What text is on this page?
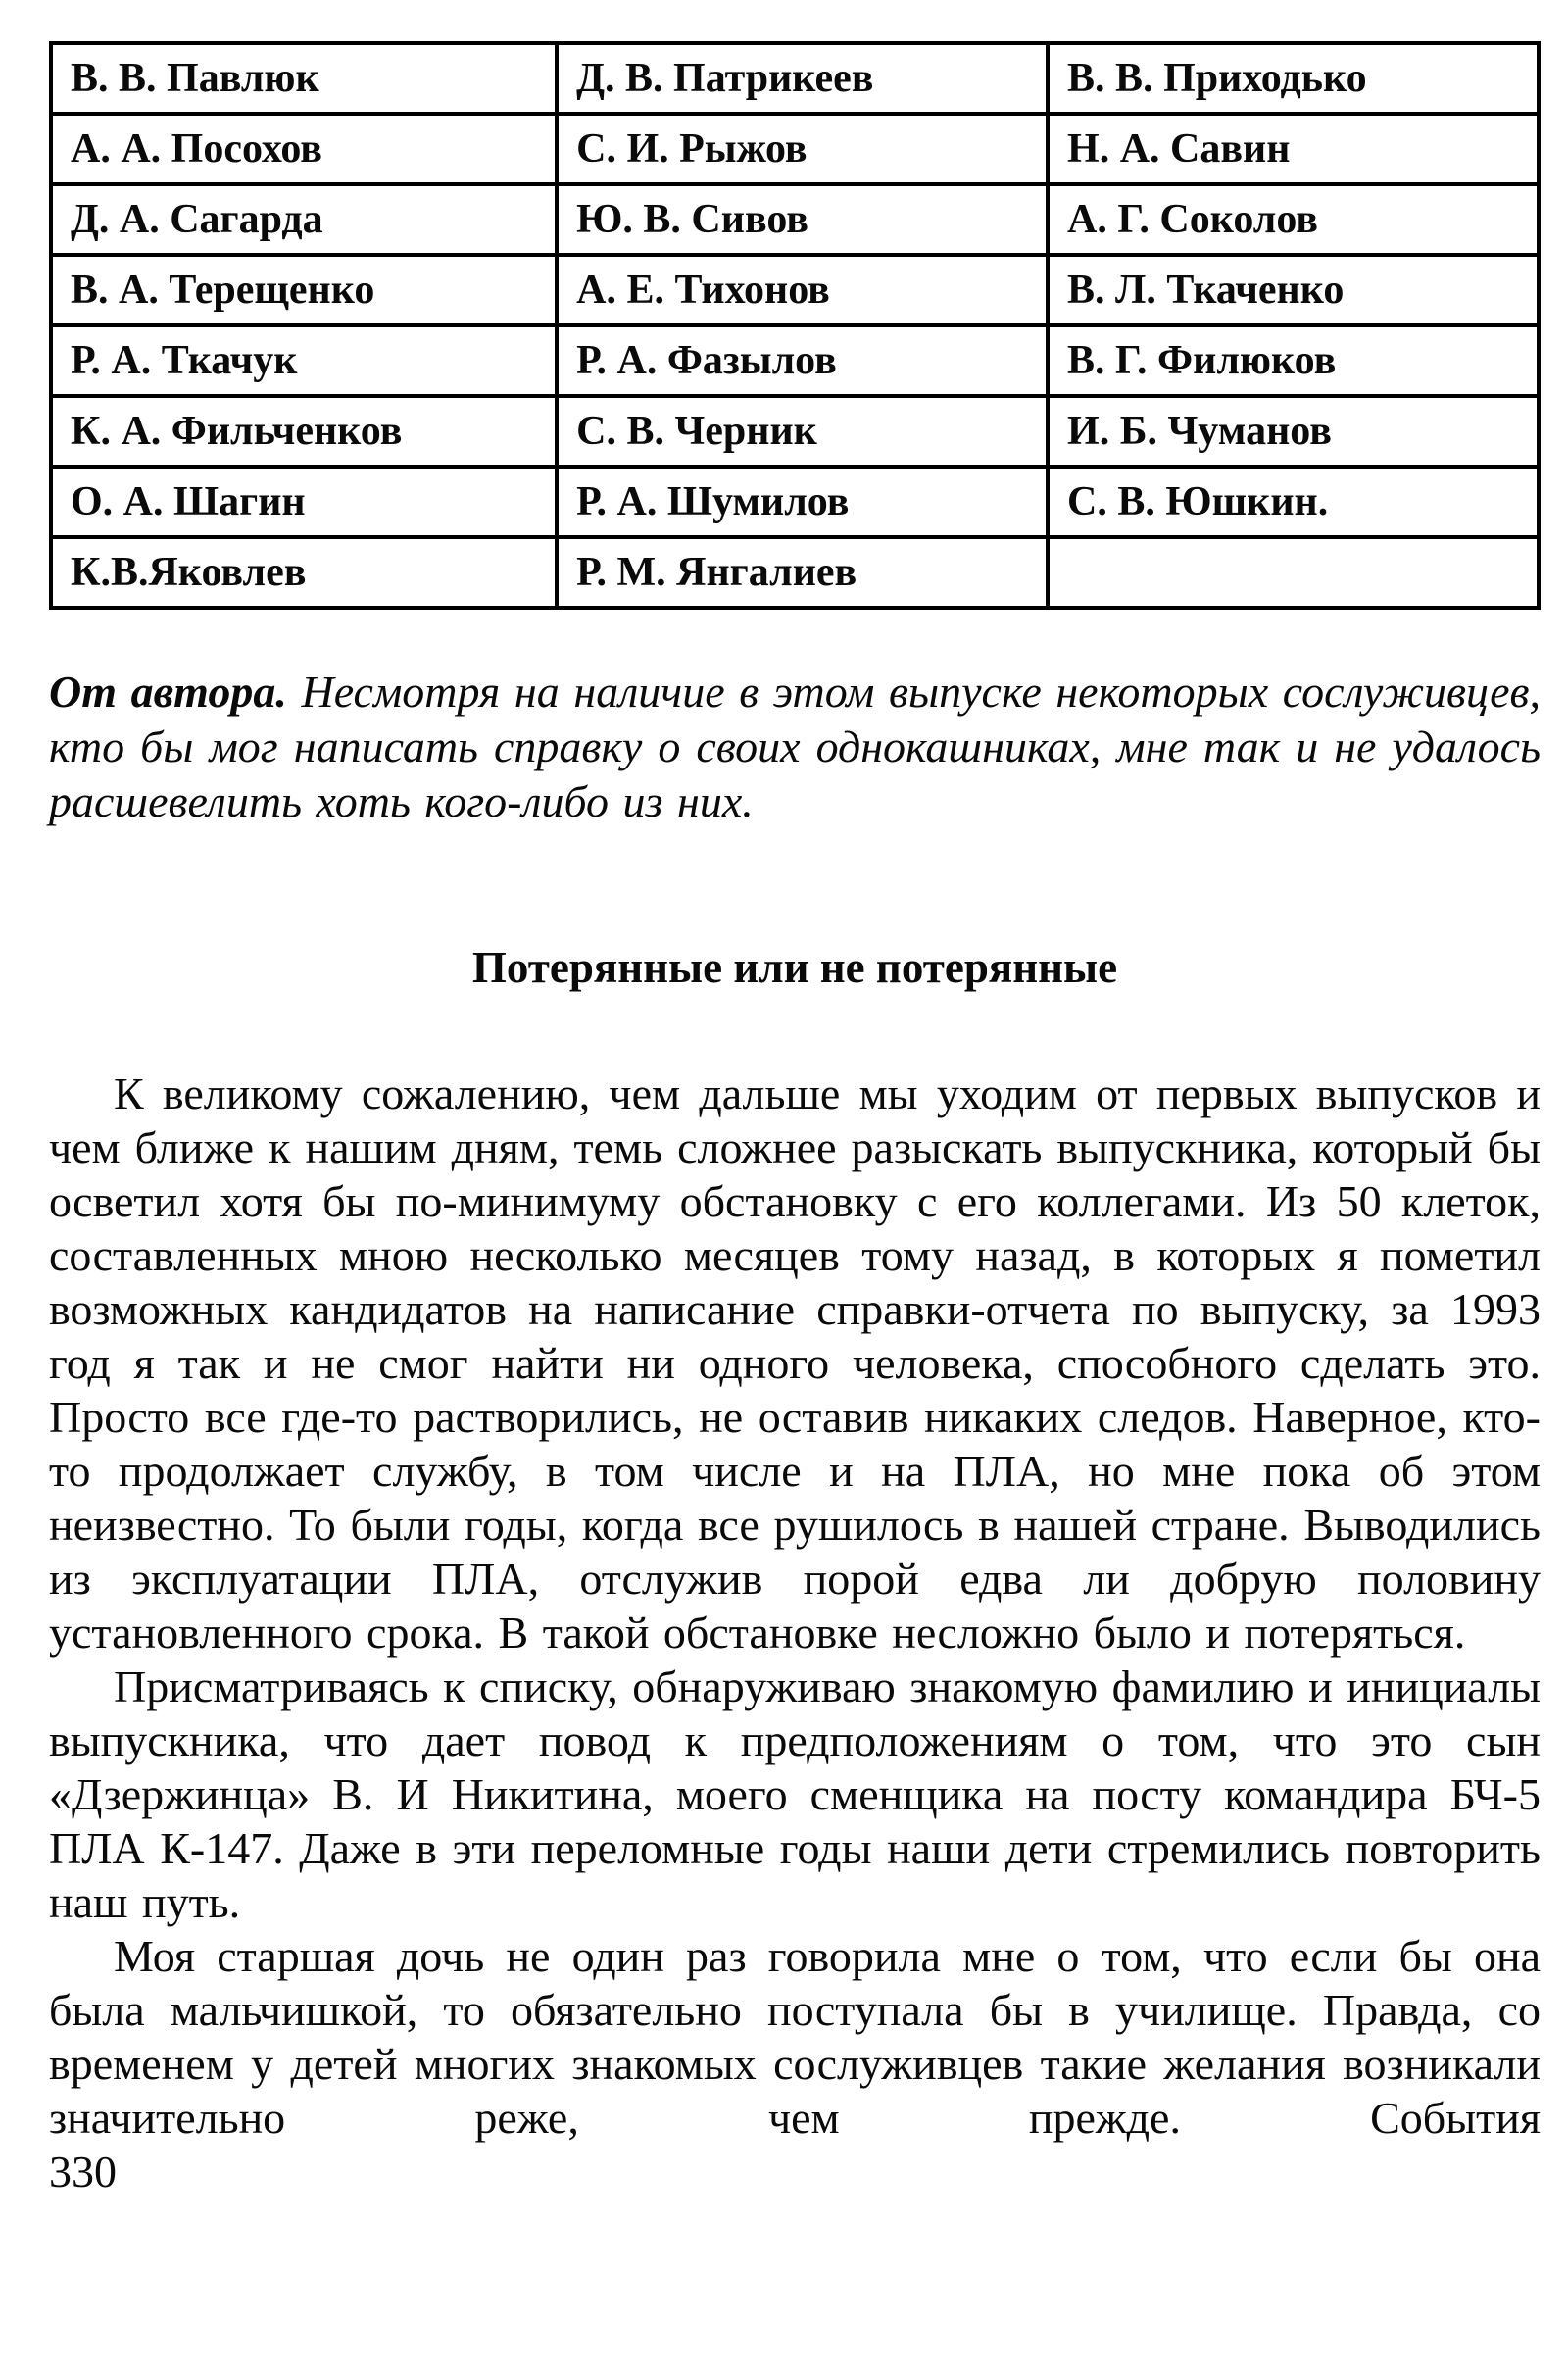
В. В. Павлюк	Д. В. Патрикеев	В. В. Приходько
А. А. Посохов	С. И. Рыжов	Н. А. Савин
Д. А. Сагарда	Ю. В. Сивов	А. Г. Соколов
В. А. Терещенко	А. Е. Тихонов	В. Л. Ткаченко
Р. А. Ткачук	Р. А. Фазылов	В. Г. Филюков
К. А. Фильченков	С. В. Черник	И. Б. Чуманов
О. А. Шагин	Р. А. Шумилов	С. В. Юшкин.
К.В.Яковлев	Р. М. Янгалиев	

От автора. Несмотря на наличие в этом выпуске некоторых сослуживцев, кто бы мог написать справку о своих однокашниках, мне так и не удалось расшевелить хоть кого-либо из них.

Потерянные или не потерянные

К великому сожалению, чем дальше мы уходим от первых выпусков и чем ближе к нашим дням, темь сложнее разыскать выпускника, который бы осветил хотя бы по-минимуму обстановку с его коллегами. Из 50 клеток, составленных мною несколько месяцев тому назад, в которых я пометил возможных кандидатов на написание справки-отчета по выпуску, за 1993 год я так и не смог найти ни одного человека, способного сделать это. Просто все где-то растворились, не оставив никаких следов. Наверное, кто-то продолжает службу, в том числе и на ПЛА, но мне пока об этом неизвестно. То были годы, когда все рушилось в нашей стране. Выводились из эксплуатации ПЛА, отслужив порой едва ли добрую половину установленного срока. В такой обстановке несложно было и потеряться.

Присматриваясь к списку, обнаруживаю знакомую фамилию и инициалы выпускника, что дает повод к предположениям о том, что это сын «Дзержинца» В. И Никитина, моего сменщика на посту командира БЧ-5 ПЛА К-147. Даже в эти переломные годы наши дети стремились повторить наш путь.

Моя старшая дочь не один раз говорила мне о том, что если бы она была мальчишкой, то обязательно поступала бы в училище. Правда, со временем у детей многих знакомых сослуживцев такие желания возникали значительно реже, чем прежде. События

330
